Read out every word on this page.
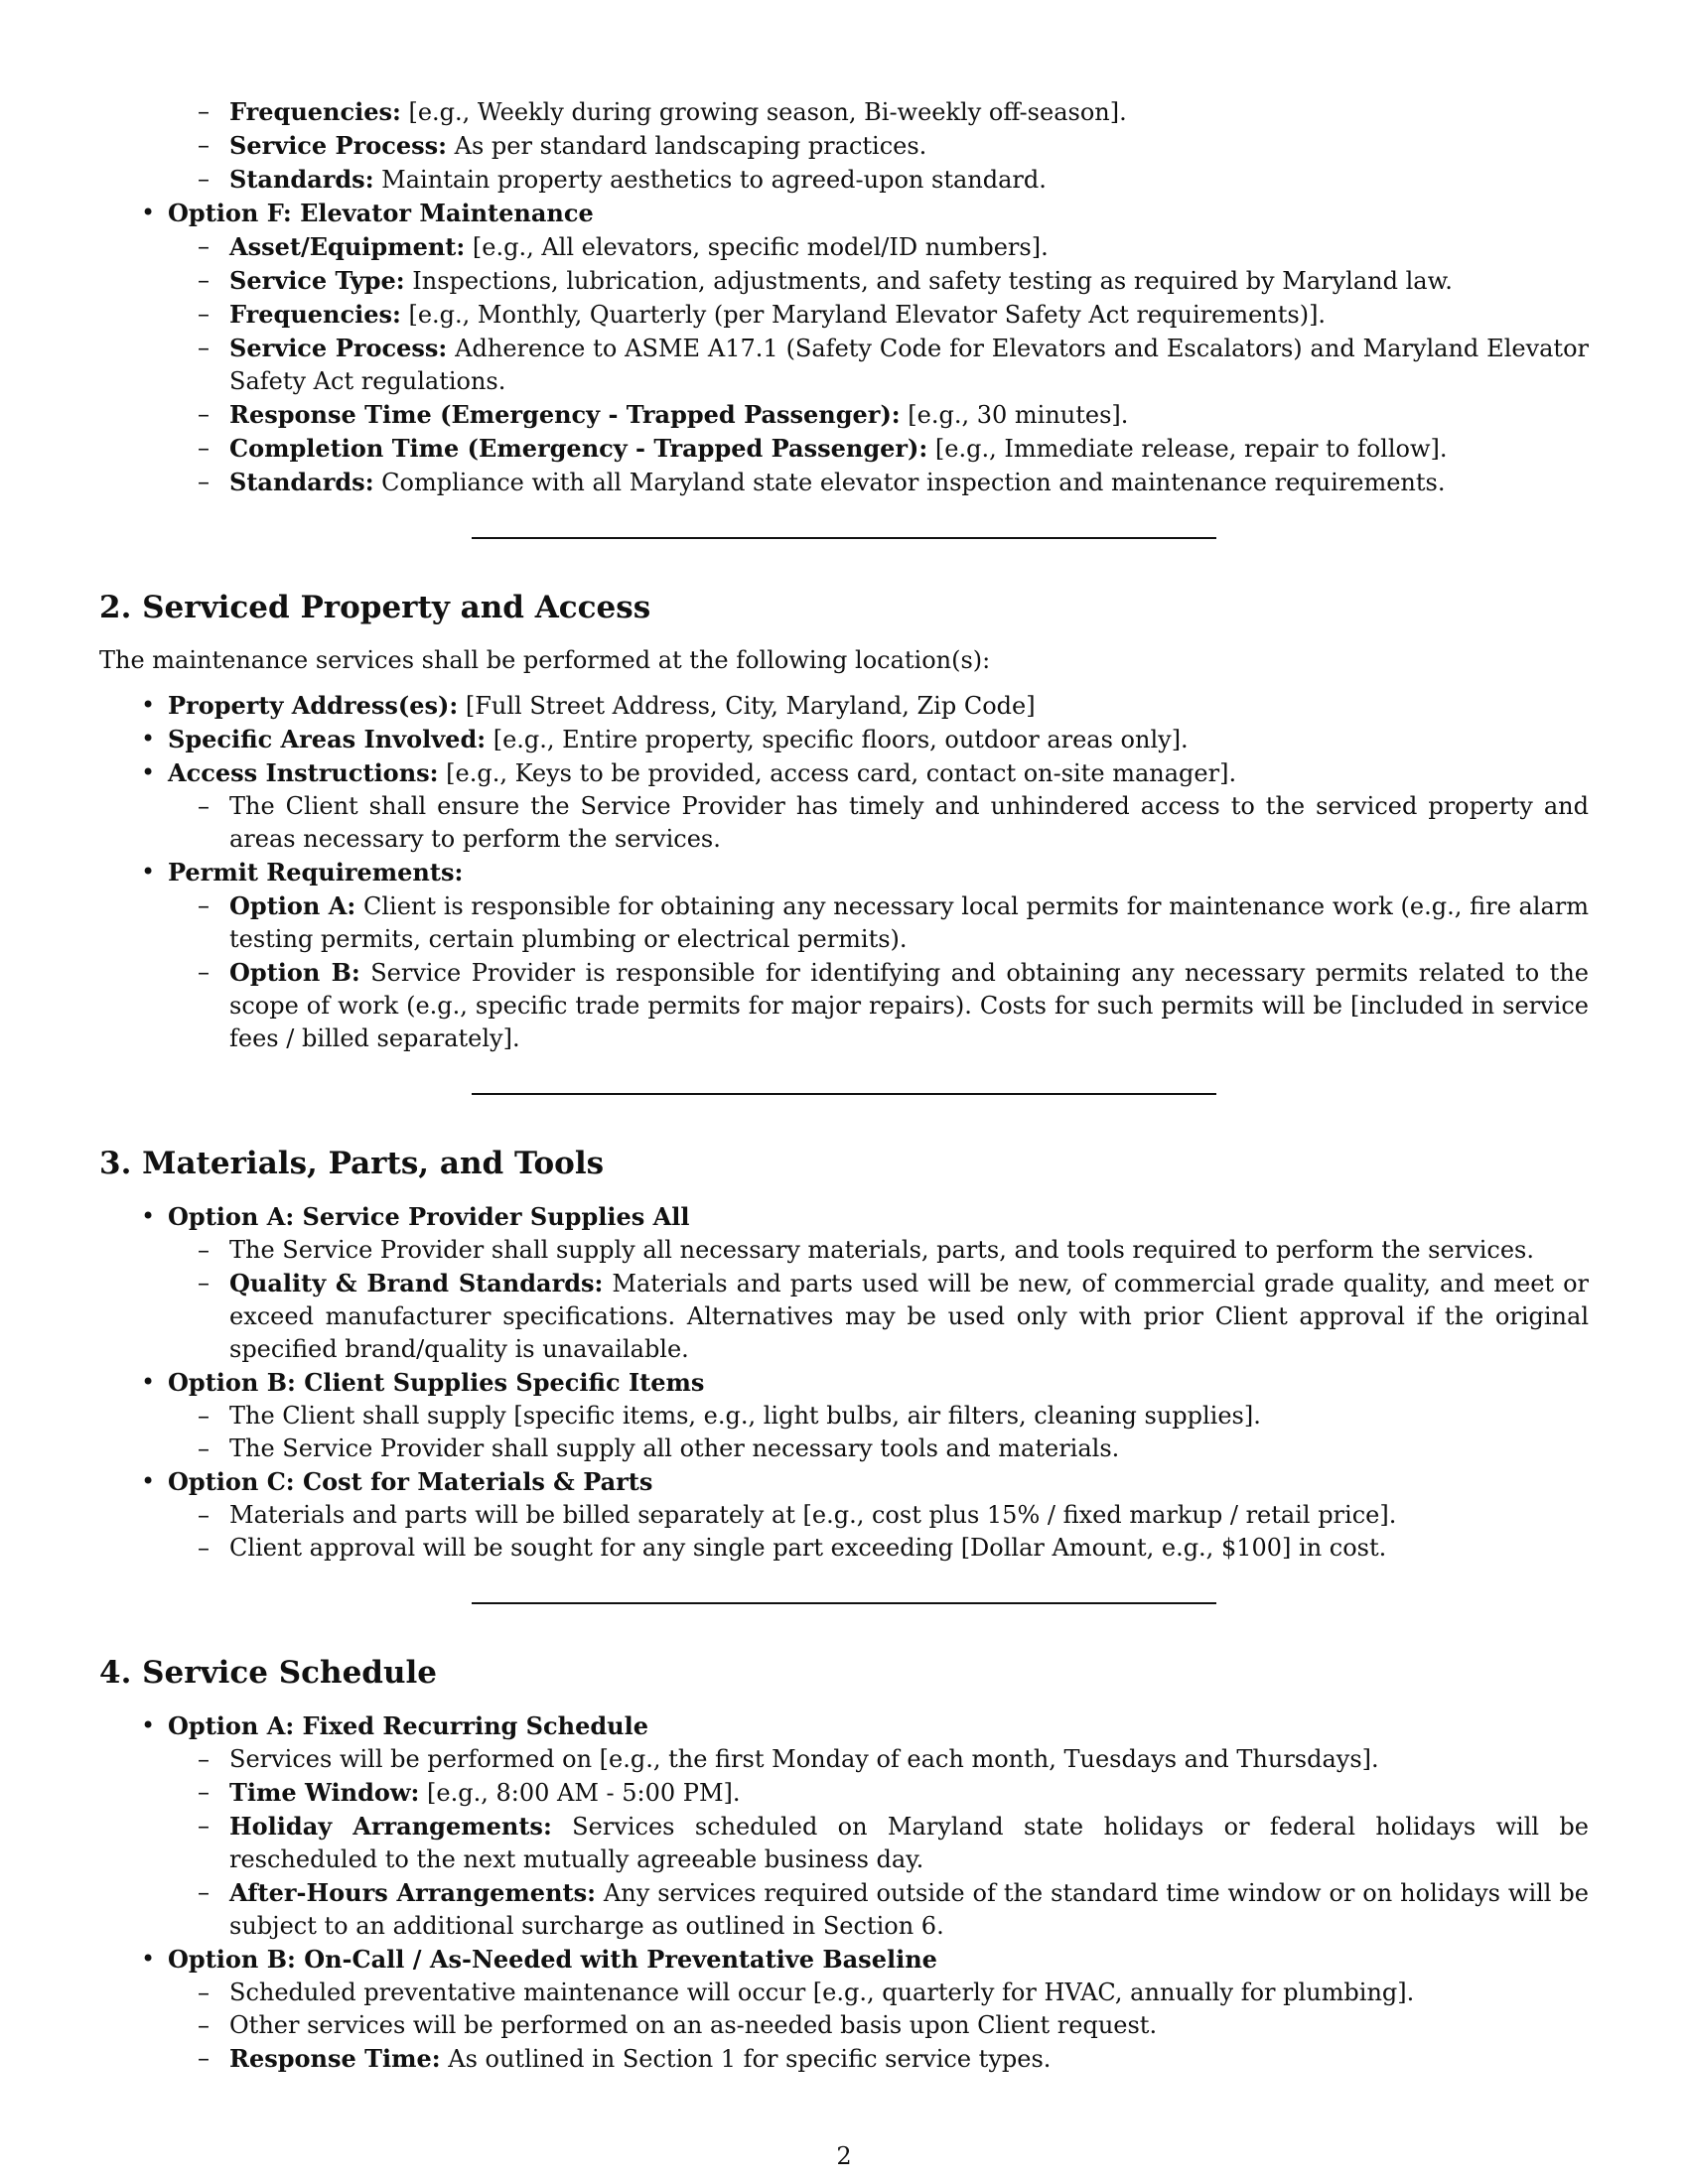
– Frequencies: [e.g., Weekly during growing season, Bi-weekly off-season].
– Service Process: As per standard landscaping practices.
– Standards: Maintain property aesthetics to agreed-upon standard.
• Option F: Elevator Maintenance
– Asset/Equipment: [e.g., All elevators, specific model/ID numbers].
– Service Type: Inspections, lubrication, adjustments, and safety testing as required by Maryland law.
– Frequencies: [e.g., Monthly, Quarterly (per Maryland Elevator Safety Act requirements)].
– Service Process: Adherence to ASME A17.1 (Safety Code for Elevators and Escalators) and Maryland Elevator Safety Act regulations.
– Response Time (Emergency - Trapped Passenger): [e.g., 30 minutes].
– Completion Time (Emergency - Trapped Passenger): [e.g., Immediate release, repair to follow].
– Standards: Compliance with all Maryland state elevator inspection and maintenance requirements.
2. Serviced Property and Access
The maintenance services shall be performed at the following location(s):
• Property Address(es): [Full Street Address, City, Maryland, Zip Code]
• Specific Areas Involved: [e.g., Entire property, specific floors, outdoor areas only].
• Access Instructions: [e.g., Keys to be provided, access card, contact on-site manager].
– The Client shall ensure the Service Provider has timely and unhindered access to the serviced property and areas necessary to perform the services.
• Permit Requirements:
– Option A: Client is responsible for obtaining any necessary local permits for maintenance work (e.g., fire alarm testing permits, certain plumbing or electrical permits).
– Option B: Service Provider is responsible for identifying and obtaining any necessary permits related to the scope of work (e.g., specific trade permits for major repairs). Costs for such permits will be [included in service fees / billed separately].
3. Materials, Parts, and Tools
• Option A: Service Provider Supplies All
– The Service Provider shall supply all necessary materials, parts, and tools required to perform the services.
– Quality & Brand Standards: Materials and parts used will be new, of commercial grade quality, and meet or exceed manufacturer specifications. Alternatives may be used only with prior Client approval if the original specified brand/quality is unavailable.
• Option B: Client Supplies Specific Items
– The Client shall supply [specific items, e.g., light bulbs, air filters, cleaning supplies].
– The Service Provider shall supply all other necessary tools and materials.
• Option C: Cost for Materials & Parts
– Materials and parts will be billed separately at [e.g., cost plus 15% / fixed markup / retail price].
– Client approval will be sought for any single part exceeding [Dollar Amount, e.g., $100] in cost.
4. Service Schedule
• Option A: Fixed Recurring Schedule
– Services will be performed on [e.g., the first Monday of each month, Tuesdays and Thursdays].
– Time Window: [e.g., 8:00 AM - 5:00 PM].
– Holiday Arrangements: Services scheduled on Maryland state holidays or federal holidays will be rescheduled to the next mutually agreeable business day.
– After-Hours Arrangements: Any services required outside of the standard time window or on holidays will be subject to an additional surcharge as outlined in Section 6.
• Option B: On-Call / As-Needed with Preventative Baseline
– Scheduled preventative maintenance will occur [e.g., quarterly for HVAC, annually for plumbing].
– Other services will be performed on an as-needed basis upon Client request.
– Response Time: As outlined in Section 1 for specific service types.
2
